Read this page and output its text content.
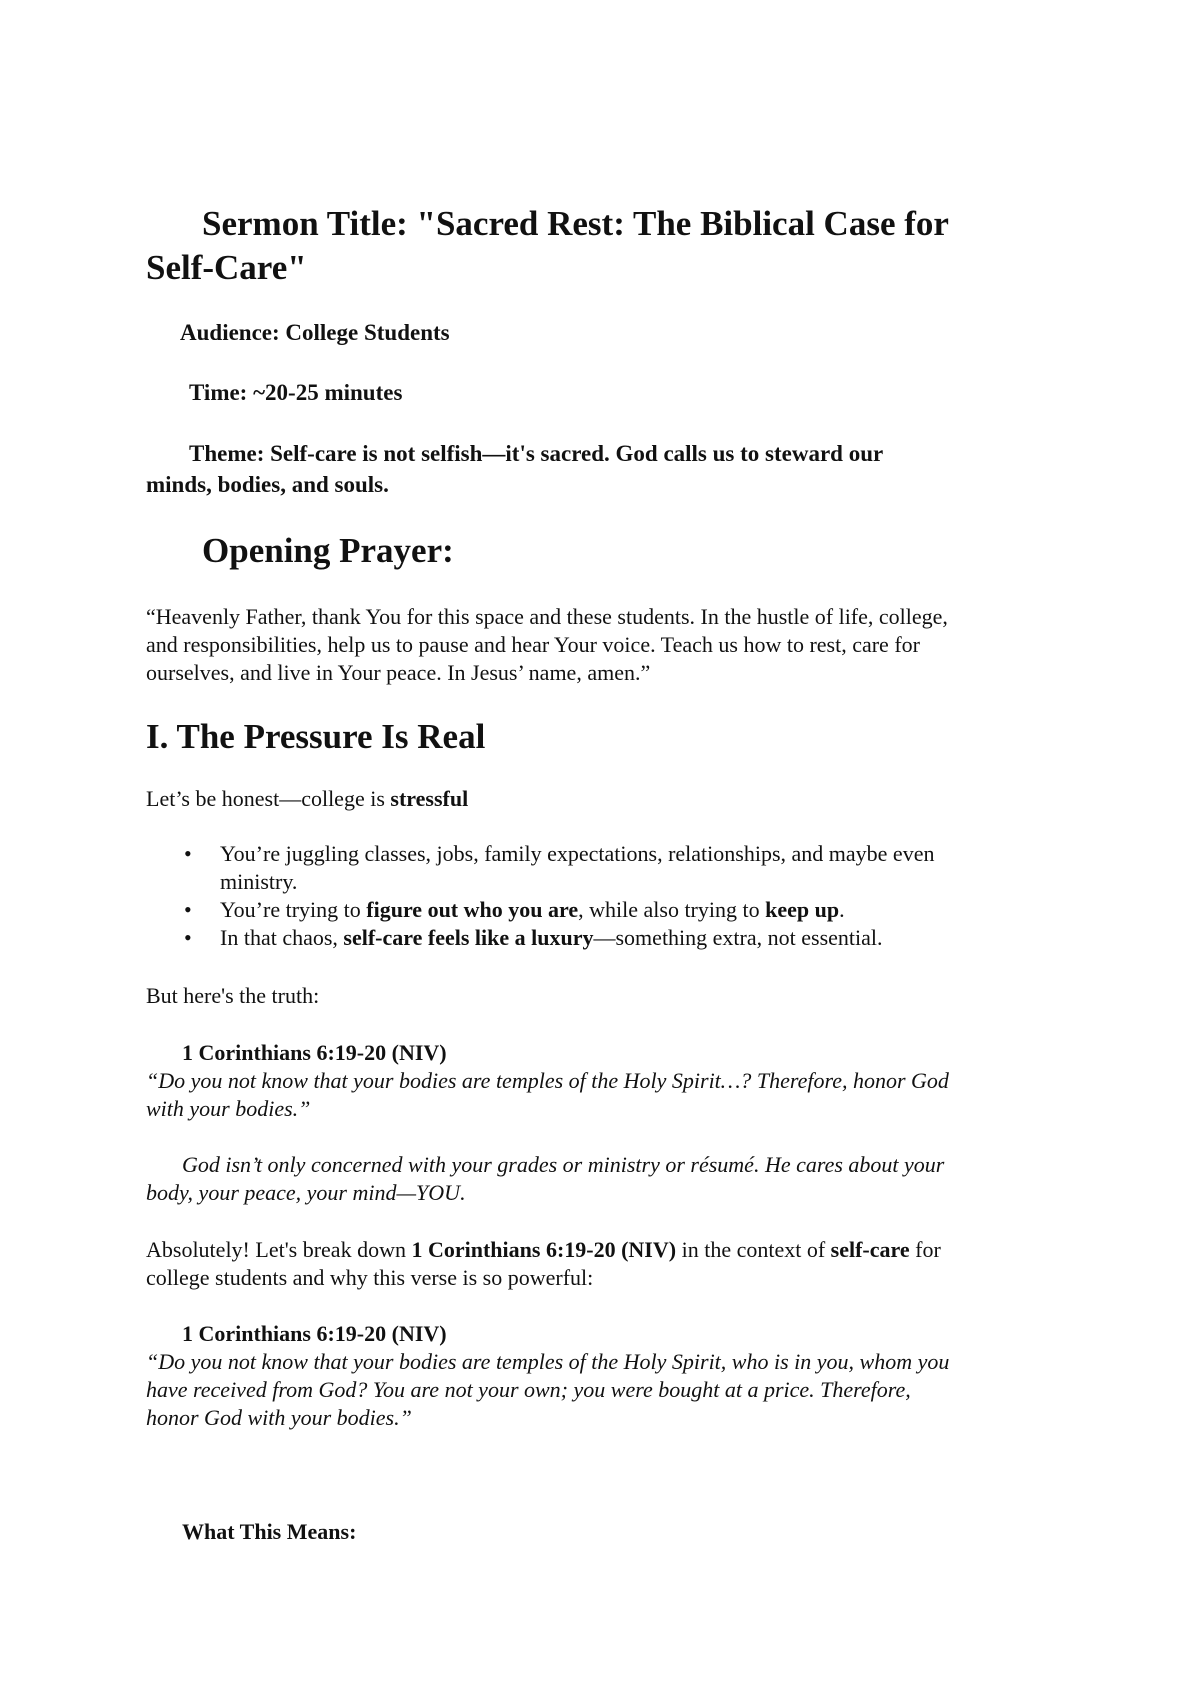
Sermon Title: "Sacred Rest: The Biblical Case for

Self-Care"

Audience: College Students

Time: ~20-25 minutes

Theme: Self-care is not selfish—it's sacred. God calls us to steward our

minds, bodies, and souls.

Opening Prayer:

“Heavenly Father, thank You for this space and these students. In the hustle of life, college,

and responsibilities, help us to pause and hear Your voice. Teach us how to rest, care for

ourselves, and live in Your peace. In Jesus’ name, amen.”

I. The Pressure Is Real

Let’s be honest—college is stressful

• You’re juggling classes, jobs, family expectations, relationships, and maybe even
ministry.
• You’re trying to figure out who you are, while also trying to keep up.
• In that chaos, self-care feels like a luxury—something extra, not essential.

But here's the truth:

1 Corinthians 6:19-20 (NIV)

“Do you not know that your bodies are temples of the Holy Spirit…? Therefore, honor God

with your bodies.”

God isn’t only concerned with your grades or ministry or résumé. He cares about your

body, your peace, your mind—YOU.

Absolutely! Let's break down 1 Corinthians 6:19-20 (NIV) in the context of self-care for

college students and why this verse is so powerful:

1 Corinthians 6:19-20 (NIV)

“Do you not know that your bodies are temples of the Holy Spirit, who is in you, whom you

have received from God? You are not your own; you were bought at a price. Therefore,

honor God with your bodies.”

What This Means:
